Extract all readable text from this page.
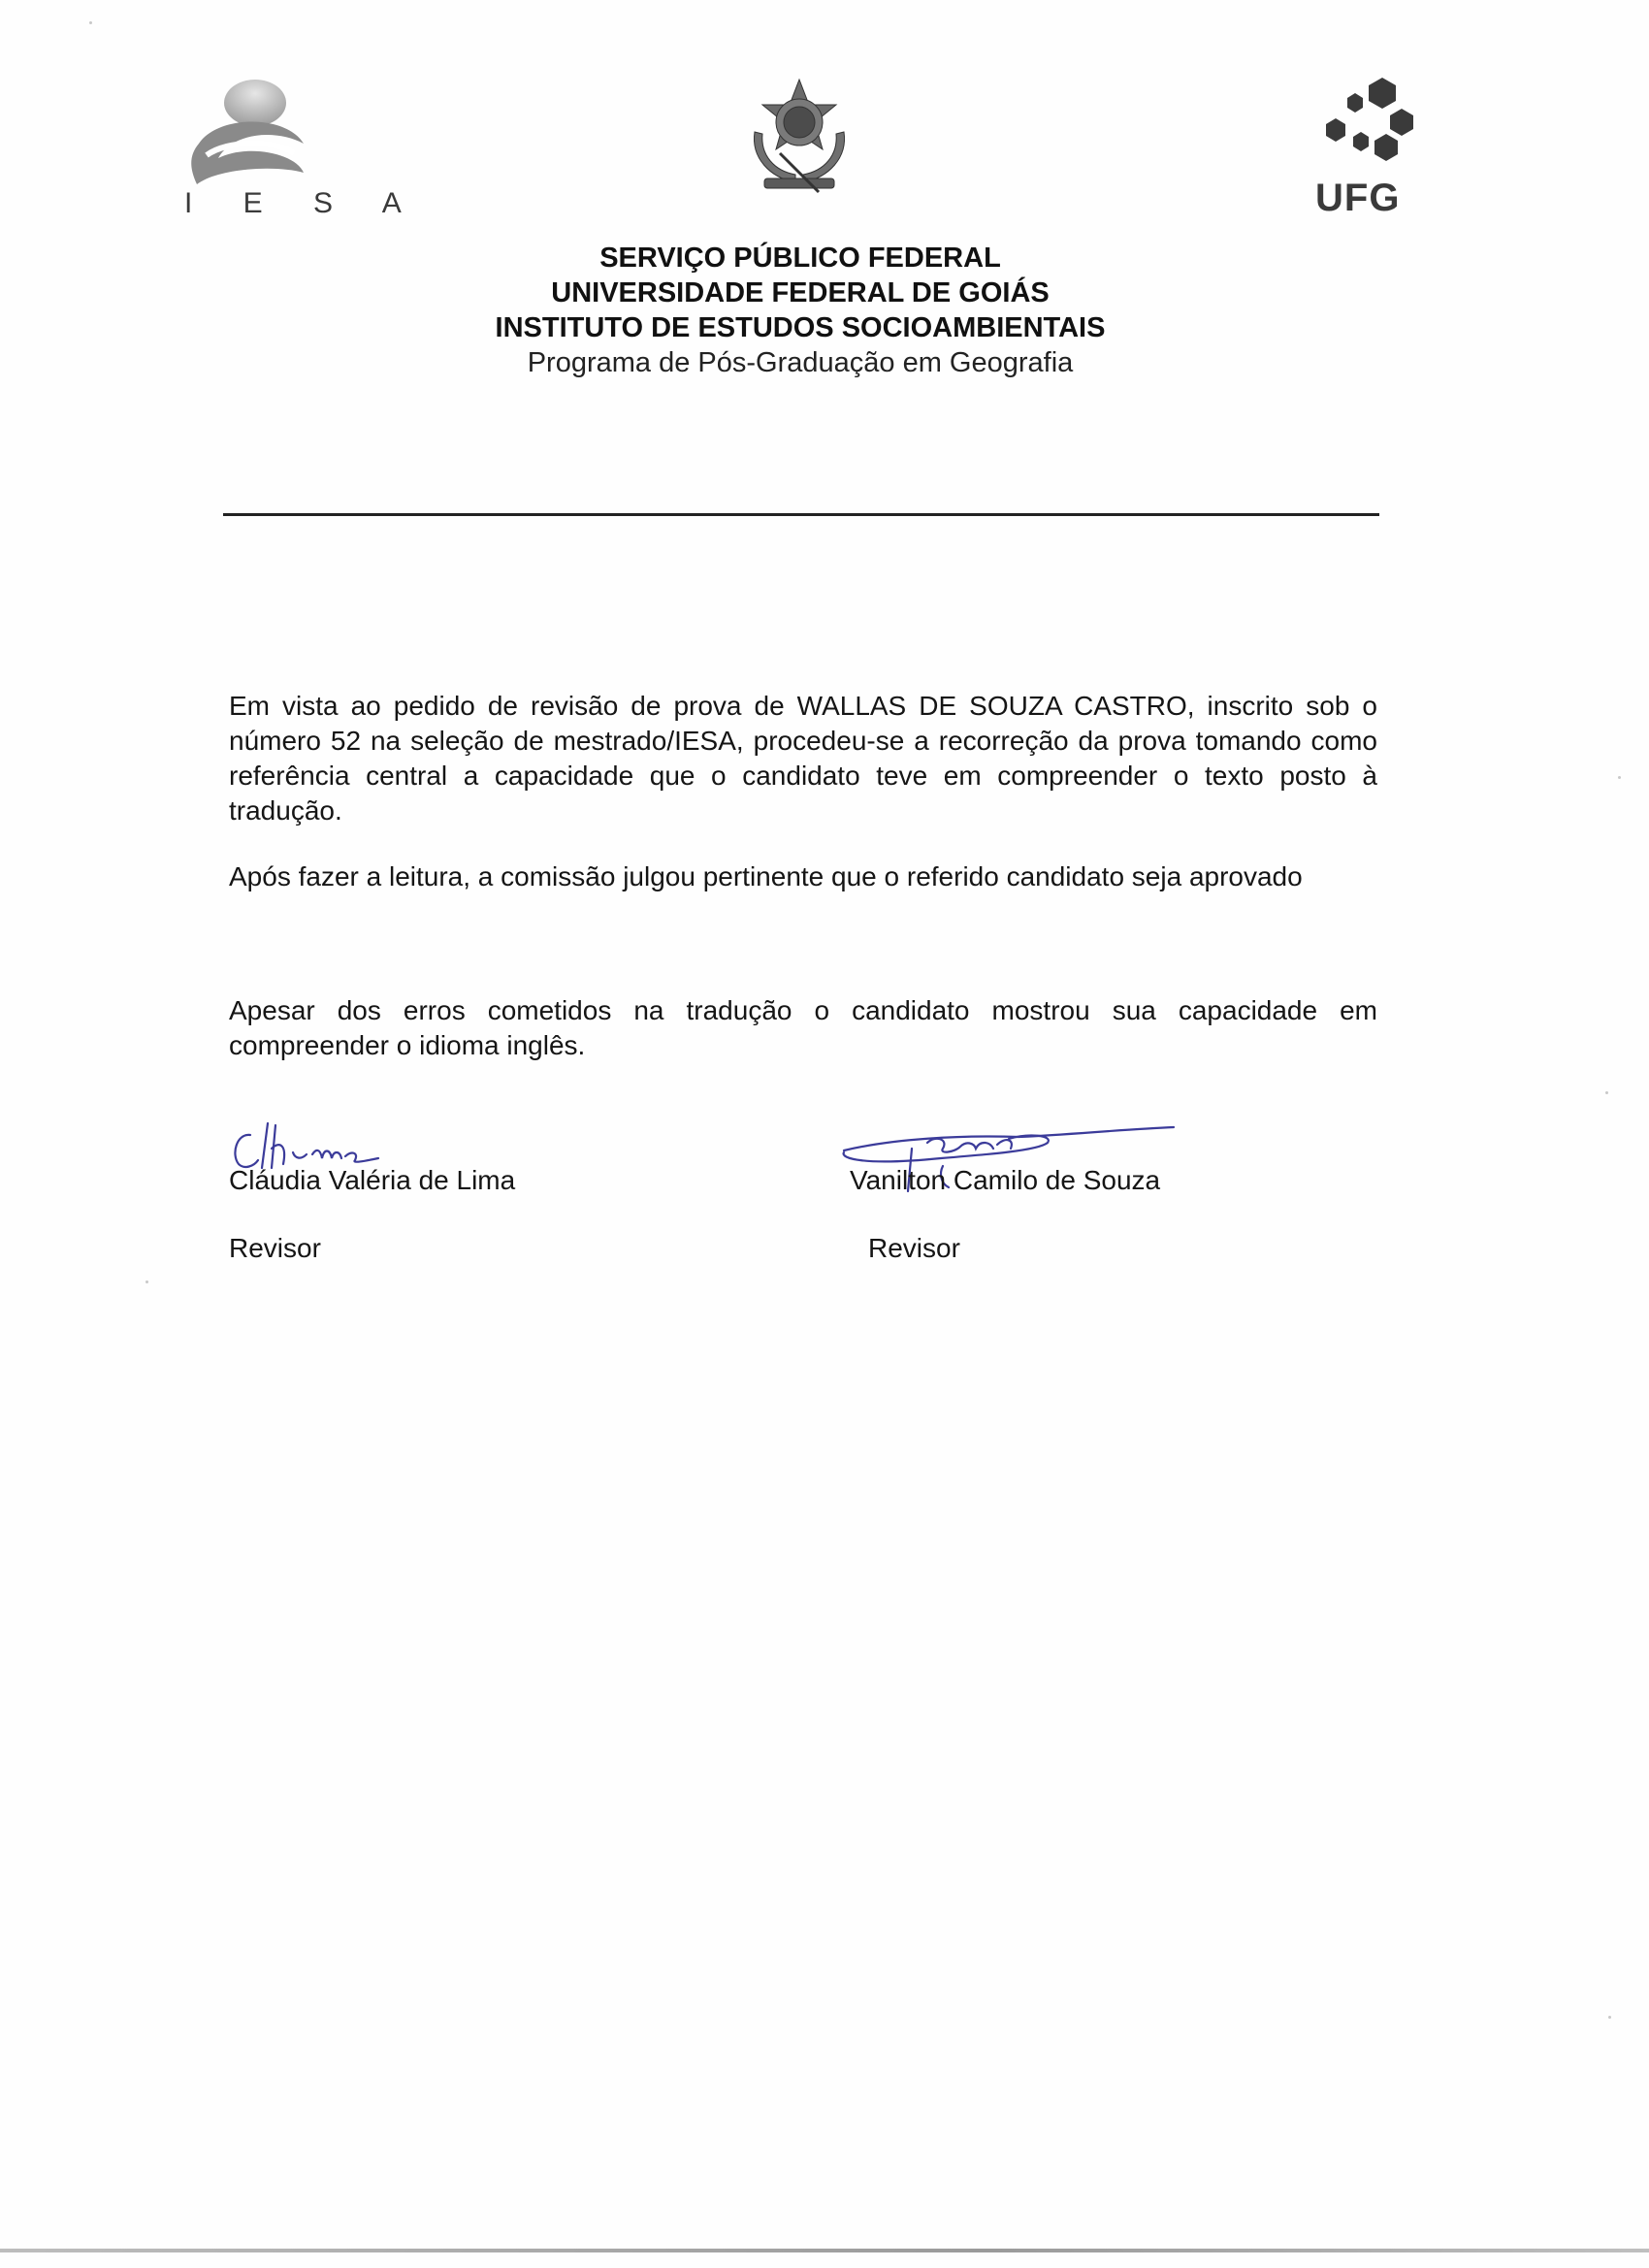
I E S A	UFG
SERVIÇO PÚBLICO FEDERAL
UNIVERSIDADE FEDERAL DE GOIÁS
INSTITUTO DE ESTUDOS SOCIOAMBIENTAIS
Programa de Pós-Graduação em Geografia
Em vista ao pedido de revisão de prova de WALLAS DE SOUZA CASTRO, inscrito sob o número 52 na seleção de mestrado/IESA, procedeu-se a recorreção da prova tomando como referência central a capacidade que o candidato teve em compreender o texto posto à tradução.
Após fazer a leitura, a comissão julgou pertinente que o referido candidato seja aprovado
Apesar dos erros cometidos na tradução o candidato mostrou sua capacidade em compreender o idioma inglês.
Cláudia Valéria de Lima
Revisor
Vanilton Camilo de Souza
Revisor
